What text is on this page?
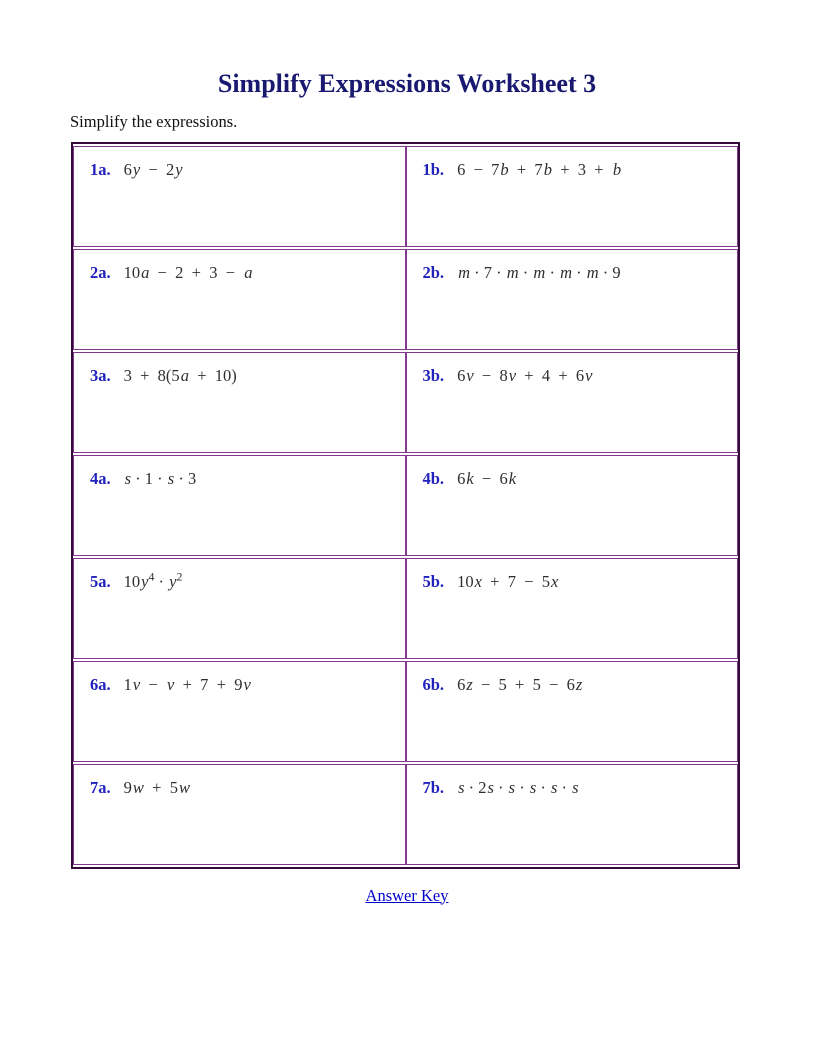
Simplify Expressions Worksheet 3
Simplify the expressions.
1a. 6y  −  2y	1b. 6  −  7b  +  7b  +  3  +  b
2a. 10a  −  2  +  3  −  a	2b. m · 7 · m · m · m · m · 9
3a. 3  +  8(5a  +  10)	3b. 6v  −  8v  +  4  +  6v
4a. s · 1 · s · 3	4b. 6k  −  6k
5a. $10y^4 \cdot y^2$	5b. 10x  +  7  −  5x
6a. 1v  −  v  +  7  +  9v	6b. 6z  −  5  +  5  −  6z
7a. 9w  +  5w	7b. s · 2s · s · s · s · s
Answer Key
